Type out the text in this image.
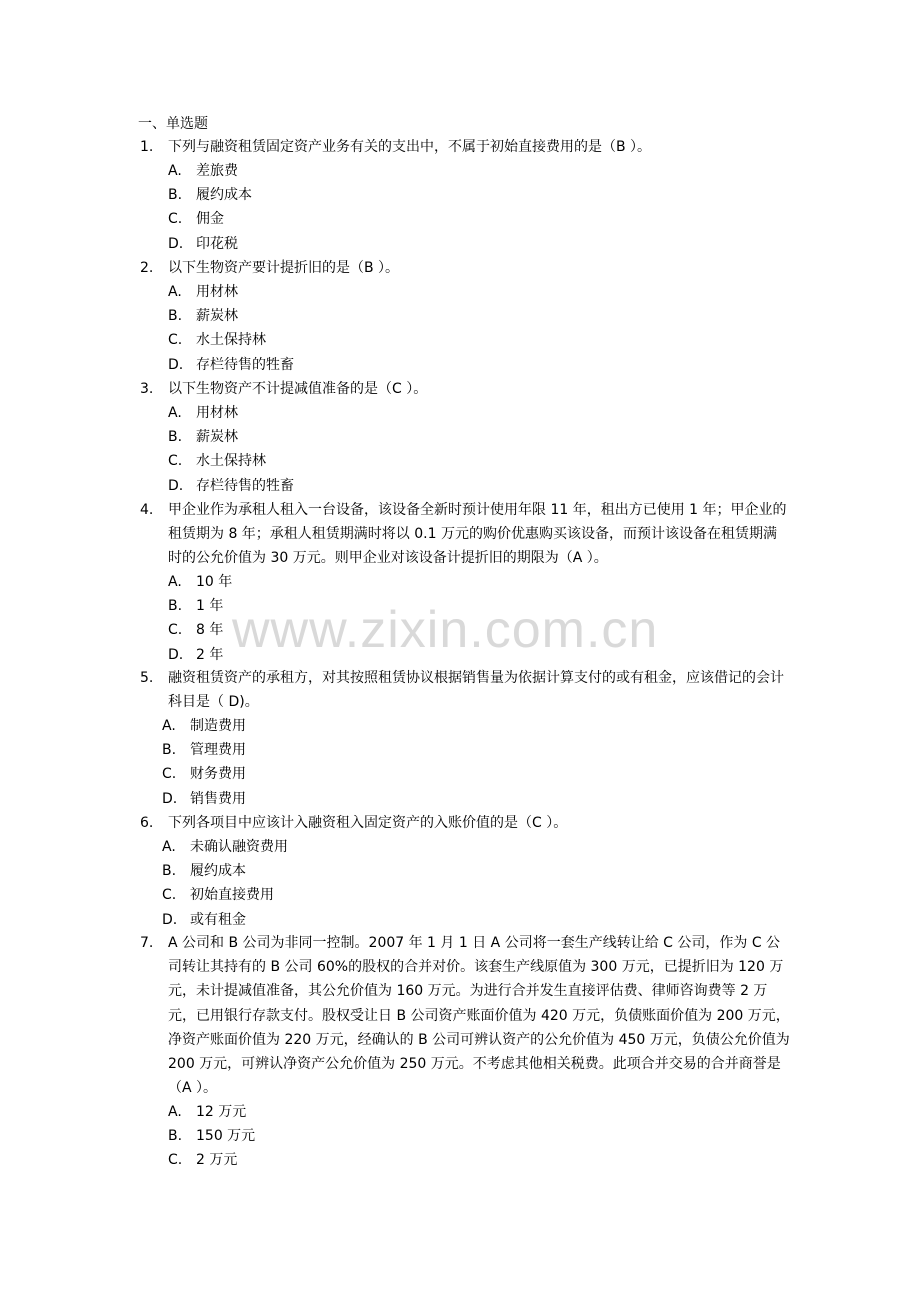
一、单选题
1. 下列与融资租赁固定资产业务有关的支出中，不属于初始直接费用的是（B ）。
A. 差旅费
B. 履约成本
C. 佣金
D. 印花税
2. 以下生物资产要计提折旧的是（B ）。
A. 用材林
B. 薪炭林
C. 水土保持林
D. 存栏待售的牲畜
3. 以下生物资产不计提减值准备的是（C ）。
A. 用材林
B. 薪炭林
C. 水土保持林
D. 存栏待售的牲畜
4. 甲企业作为承租人租入一台设备，该设备全新时预计使用年限 11 年，租出方已使用 1 年；甲企业的租赁期为 8 年；承租人租赁期满时将以 0.1 万元的购价优惠购买该设备，而预计该设备在租赁期满时的公允价值为 30 万元。则甲企业对该设备计提折旧的期限为（A ）。
A. 10 年
B. 1 年
C. 8 年
D. 2 年
5. 融资租赁资产的承租方，对其按照租赁协议根据销售量为依据计算支付的或有租金，应该借记的会计科目是（ D)。
A. 制造费用
B. 管理费用
C. 财务费用
D. 销售费用
6. 下列各项目中应该计入融资租入固定资产的入账价值的是（C ）。
A. 未确认融资费用
B. 履约成本
C. 初始直接费用
D. 或有租金
7. A 公司和 B 公司为非同一控制。2007 年 1 月 1 日 A 公司将一套生产线转让给 C 公司，作为 C 公司转让其持有的 B 公司 60%的股权的合并对价。该套生产线原值为 300 万元，已提折旧为 120 万元，未计提减值准备，其公允价值为 160 万元。为进行合并发生直接评估费、律师咨询费等 2 万元，已用银行存款支付。股权受让日 B 公司资产账面价值为 420 万元，负债账面价值为 200 万元，净资产账面价值为 220 万元，经确认的 B 公司可辨认资产的公允价值为 450 万元，负债公允价值为 200 万元，可辨认净资产公允价值为 250 万元。不考虑其他相关税费。此项合并交易的合并商誉是（A ）。
A. 12 万元
B. 150 万元
C. 2 万元
www.zixin.com.cn
